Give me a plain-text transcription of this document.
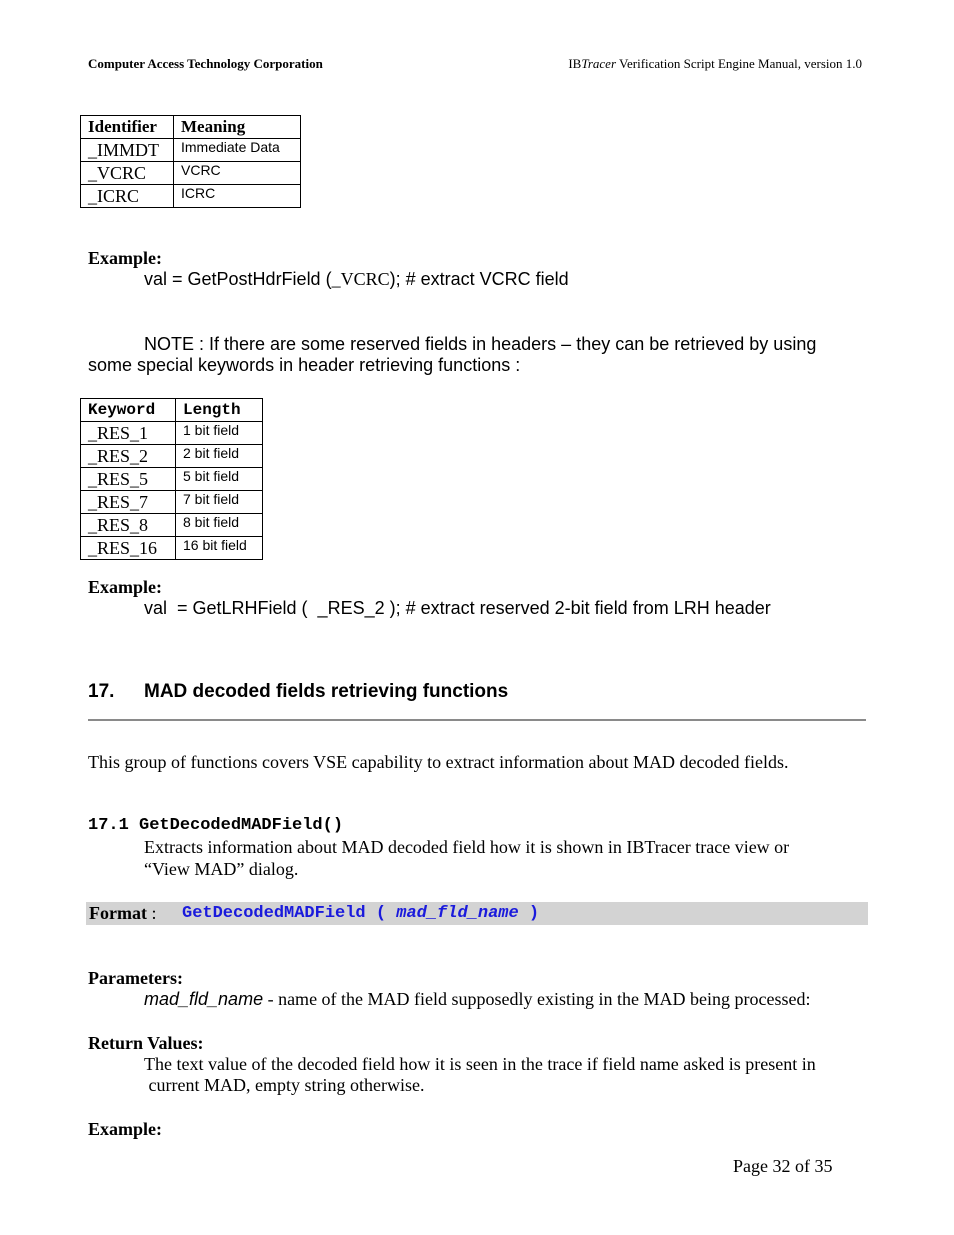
Computer Access Technology Corporation	IBTracer Verification Script Engine Manual, version 1.0
Identifier	Meaning
_IMMDT	Immediate Data
_VCRC	VCRC
_ICRC	ICRC
Example:
val = GetPostHdrField (_VCRC); # extract VCRC field
NOTE : If there are some reserved fields in headers – they can be retrieved by using
some special keywords in header retrieving functions :
Keyword	Length
_RES_1	1 bit field
_RES_2	2 bit field
_RES_5	5 bit field
_RES_7	7 bit field
_RES_8	8 bit field
_RES_16	16 bit field
Example:
val  = GetLRHField (  _RES_2 ); # extract reserved 2-bit field from LRH header
17. MAD decoded fields retrieving functions
This group of functions covers VSE capability to extract information about MAD decoded fields.
17.1 GetDecodedMADField()
Extracts information about MAD decoded field how it is shown in IBTracer trace view or
“View MAD” dialog.
Format : GetDecodedMADField ( mad_fld_name )
Parameters:
mad_fld_name - name of the MAD field supposedly existing in the MAD being processed:
Return Values:
The text value of the decoded field how it is seen in the trace if field name asked is present in
current MAD, empty string otherwise.
Example:
Page 32 of 35
